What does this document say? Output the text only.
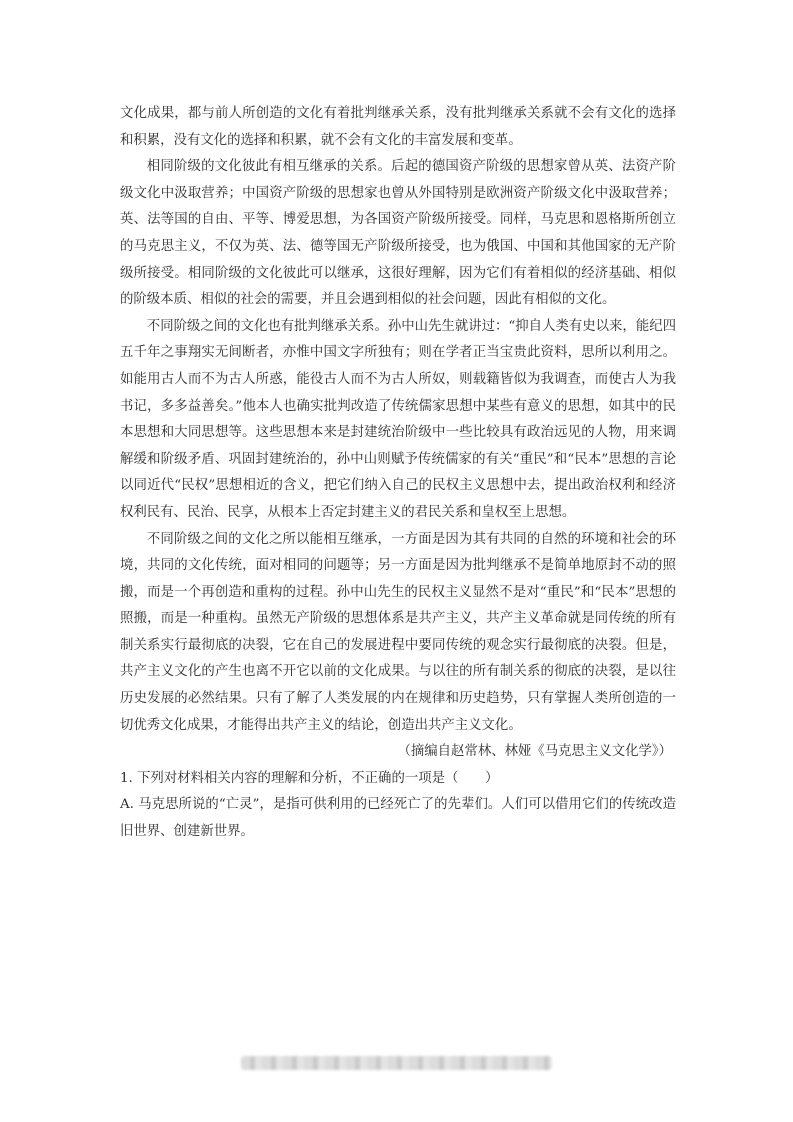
文化成果，都与前人所创造的文化有着批判继承关系，没有批判继承关系就不会有文化的选择和积累，没有文化的选择和积累，就不会有文化的丰富发展和变革。

相同阶级的文化彼此有相互继承的关系。后起的德国资产阶级的思想家曾从英、法资产阶级文化中汲取营养；中国资产阶级的思想家也曾从外国特别是欧洲资产阶级文化中汲取营养；英、法等国的自由、平等、博爱思想，为各国资产阶级所接受。同样，马克思和恩格斯所创立的马克思主义，不仅为英、法、德等国无产阶级所接受，也为俄国、中国和其他国家的无产阶级所接受。相同阶级的文化彼此可以继承，这很好理解，因为它们有着相似的经济基础、相似的阶级本质、相似的社会的需要，并且会遇到相似的社会问题，因此有相似的文化。

不同阶级之间的文化也有批判继承关系。孙中山先生就讲过：“抑自人类有史以来，能纪四五千年之事翔实无间断者，亦惟中国文字所独有；则在学者正当宝贵此资料，思所以利用之。如能用古人而不为古人所惑，能役古人而不为古人所奴，则载籍皆似为我调查，而使古人为我书记，多多益善矣。”他本人也确实批判改造了传统儒家思想中某些有意义的思想，如其中的民本思想和大同思想等。这些思想本来是封建统治阶级中一些比较具有政治远见的人物，用来调解缓和阶级矛盾、巩固封建统治的，孙中山则赋予传统儒家的有关“重民”和“民本”思想的言论以同近代“民权”思想相近的含义，把它们纳入自己的民权主义思想中去，提出政治权利和经济权利民有、民治、民享，从根本上否定封建主义的君民关系和皇权至上思想。

不同阶级之间的文化之所以能相互继承，一方面是因为其有共同的自然的环境和社会的环境，共同的文化传统，面对相同的问题等；另一方面是因为批判继承不是简单地原封不动的照搬，而是一个再创造和重构的过程。孙中山先生的民权主义显然不是对“重民”和“民本”思想的照搬，而是一种重构。虽然无产阶级的思想体系是共产主义，共产主义革命就是同传统的所有制关系实行最彻底的决裂，它在自己的发展进程中要同传统的观念实行最彻底的决裂。但是，共产主义文化的产生也离不开它以前的文化成果。与以往的所有制关系的彻底的决裂，是以往历史发展的必然结果。只有了解了人类发展的内在规律和历史趋势，只有掌握人类所创造的一切优秀文化成果，才能得出共产主义的结论，创造出共产主义文化。

（摘编自赵常林、林娅《马克思主义文化学》）

1. 下列对材料相关内容的理解和分析，不正确的一项是（　　）

A. 马克思所说的“亡灵”，是指可供利用的已经死亡了的先辈们。人们可以借用它们的传统改造旧世界、创建新世界。
